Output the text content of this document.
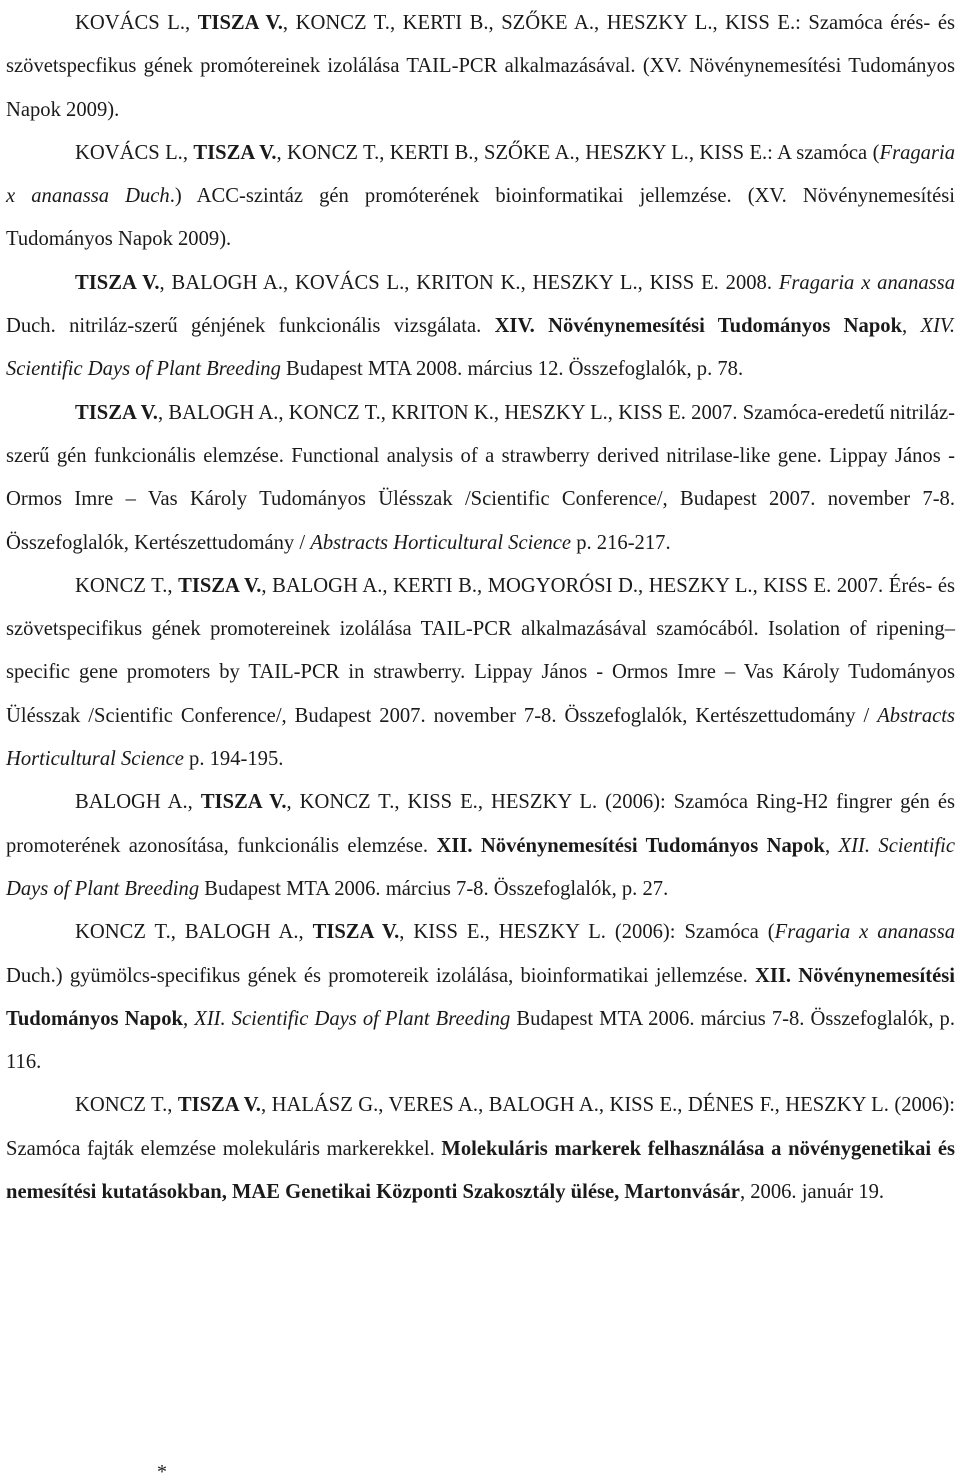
KOVÁCS L., TISZA V., KONCZ T., KERTI B., SZŐKE A., HESZKY L., KISS E.: Szamóca érés- és szövetspecfikus gének promótereinek izolálása TAIL-PCR alkalmazásával. (XV. Növénynemesítési Tudományos Napok 2009).

KOVÁCS L., TISZA V., KONCZ T., KERTI B., SZŐKE A., HESZKY L., KISS E.: A szamóca (Fragaria x ananassa Duch.) ACC-szintáz gén promóterének bioinformatikai jellemzése. (XV. Növénynemesítési Tudományos Napok 2009).

TISZA V., BALOGH A., KOVÁCS L., KRITON K., HESZKY L., KISS E. 2008. Fragaria x ananassa Duch. nitriláz-szerű génjének funkcionális vizsgálata. XIV. Növénynemesítési Tudományos Napok, XIV. Scientific Days of Plant Breeding Budapest MTA 2008. március 12. Összefoglalók, p. 78.

TISZA V., BALOGH A., KONCZ T., KRITON K., HESZKY L., KISS E. 2007. Szamóca-eredetű nitriláz-szerű gén funkcionális elemzése. Functional analysis of a strawberry derived nitrilase-like gene. Lippay János - Ormos Imre – Vas Károly Tudományos Ülésszak /Scientific Conference/, Budapest 2007. november 7-8. Összefoglalók, Kertészettudomány / Abstracts Horticultural Science p. 216-217.

KONCZ T., TISZA V., BALOGH A., KERTI B., MOGYORÓSI D., HESZKY L., KISS E. 2007. Érés- és szövetspecifikus gének promotereinek izolálása TAIL-PCR alkalmazásával szamócából. Isolation of ripening–specific gene promoters by TAIL-PCR in strawberry. Lippay János - Ormos Imre – Vas Károly Tudományos Ülésszak /Scientific Conference/, Budapest 2007. november 7-8. Összefoglalók, Kertészettudomány / Abstracts Horticultural Science p. 194-195.

BALOGH A., TISZA V., KONCZ T., KISS E., HESZKY L. (2006): Szamóca Ring-H2 fingrer gén és promoterének azonosítása, funkcionális elemzése. XII. Növénynemesítési Tudományos Napok, XII. Scientific Days of Plant Breeding Budapest MTA 2006. március 7-8. Összefoglalók, p. 27.

KONCZ T., BALOGH A., TISZA V., KISS E., HESZKY L. (2006): Szamóca (Fragaria x ananassa Duch.) gyümölcs-specifikus gének és promotereik izolálása, bioinformatikai jellemzése. XII. Növénynemesítési Tudományos Napok, XII. Scientific Days of Plant Breeding Budapest MTA 2006. március 7-8. Összefoglalók, p. 116.

KONCZ T., TISZA V., HALÁSZ G., VERES A., BALOGH A., KISS E., DÉNES F., HESZKY L. (2006): Szamóca fajták elemzése molekuláris markerekkel. Molekuláris markerek felhasználása a növénygenetikai és nemesítési kutatásokban, MAE Genetikai Központi Szakosztály ülése, Martonvásár, 2006. január 19.

*
